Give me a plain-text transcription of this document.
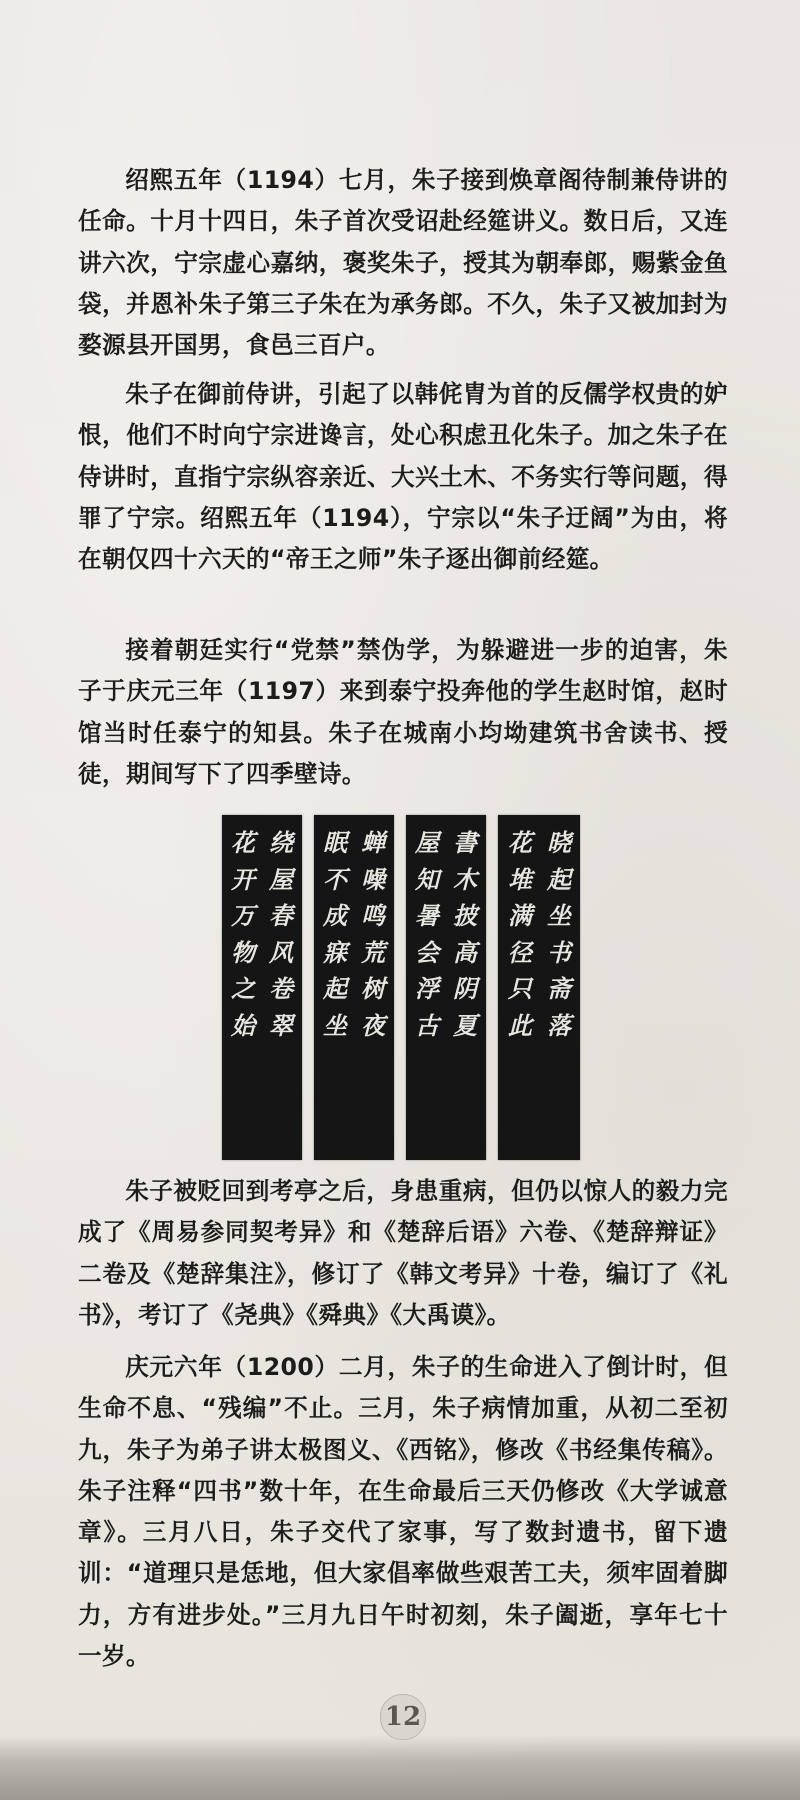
绍熙五年（1194）七月，朱子接到焕章阁待制兼侍讲的任命。十月十四日，朱子首次受诏赴经筵讲义。数日后，又连讲六次，宁宗虚心嘉纳，褒奖朱子，授其为朝奉郎，赐紫金鱼袋，并恩补朱子第三子朱在为承务郎。不久，朱子又被加封为婺源县开国男，食邑三百户。

朱子在御前侍讲，引起了以韩侂胄为首的反儒学权贵的妒恨，他们不时向宁宗进谗言，处心积虑丑化朱子。加之朱子在侍讲时，直指宁宗纵容亲近、大兴土木、不务实行等问题，得罪了宁宗。绍熙五年（1194），宁宗以“朱子迂阔”为由，将在朝仅四十六天的“帝王之师”朱子逐出御前经筵。

接着朝廷实行“党禁”禁伪学，为躲避进一步的迫害，朱子于庆元三年（1197）来到泰宁投奔他的学生赵时馆，赵时馆当时任泰宁的知县。朱子在城南小均坳建筑书舍读书、授徒，期间写下了四季壁诗。

绕
屋
春
风
卷
翠
花
开
万
物
之
始
蝉
噪
鸣
荒
树
夜
眠
不
成
寐
起
坐
書
木
披
高
阴
夏
屋
知
暑
会
浮
古
晓
起
坐
书
斋
落
花
堆
满
径
只
此

朱子被贬回到考亭之后，身患重病，但仍以惊人的毅力完成了《周易参同契考异》和《楚辞后语》六卷、《楚辞辩证》二卷及《楚辞集注》，修订了《韩文考异》十卷，编订了《礼书》，考订了《尧典》《舜典》《大禹谟》。

庆元六年（1200）二月，朱子的生命进入了倒计时，但生命不息、“残编”不止。三月，朱子病情加重，从初二至初九，朱子为弟子讲太极图义、《西铭》，修改《书经集传稿》。朱子注释“四书”数十年，在生命最后三天仍修改《大学诚意章》。三月八日，朱子交代了家事，写了数封遗书，留下遗训：“道理只是恁地，但大家倡率做些艰苦工夫，须牢固着脚力，方有进步处。”三月九日午时初刻，朱子阖逝，享年七十一岁。

12
